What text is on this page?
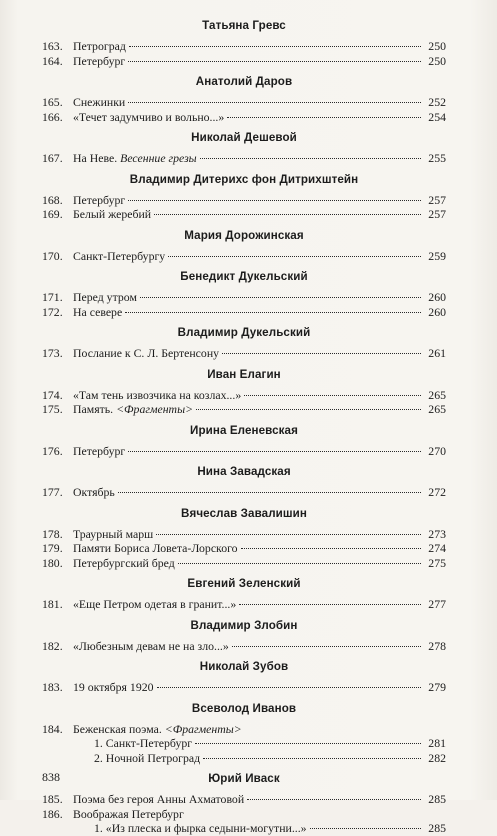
Татьяна Гревс
163. Петроград	250
164. Петербург	250
Анатолий Даров
165. Снежинки	252
166. «Течет задумчиво и вольно...»	254
Николай Дешевой
167. На Неве. Весенние грезы	255
Владимир Дитерихс фон Дитрихштейн
168. Петербург	257
169. Белый жеребий	257
Мария Дорожинская
170. Санкт-Петербургу	259
Бенедикт Дукельский
171. Перед утром	260
172. На севере	260
Владимир Дукельский
173. Послание к С. Л. Бертенсону	261
Иван Елагин
174. «Там тень извозчика на козлах...»	265
175. Память. <Фрагменты>	265
Ирина Еленевская
176. Петербург	270
Нина Завадская
177. Октябрь	272
Вячеслав Завалишин
178. Траурный марш	273
179. Памяти Бориса Ловета-Лорского	274
180. Петербургский бред	275
Евгений Зеленский
181. «Еще Петром одетая в гранит...»	277
Владимир Злобин
182. «Любезным девам не на зло...»	278
Николай Зубов
183. 19 октября 1920	279
Всеволод Иванов
184. Беженская поэма. <Фрагменты>
1. Санкт-Петербург	281
2. Ночной Петроград	282
Юрий Иваск
185. Поэма без героя Анны Ахматовой	285
186. Воображая Петербург
1. «Из плеска и фырка седыни-могутни...»	285
838
